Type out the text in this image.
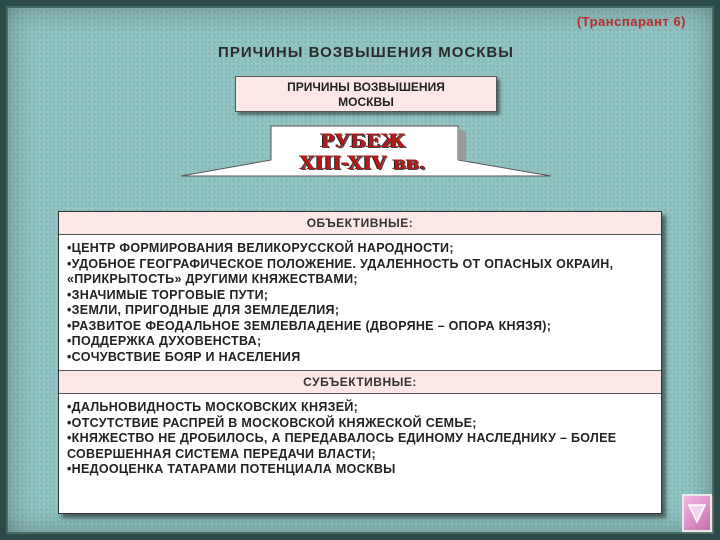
(Транспарант 6)
ПРИЧИНЫ ВОЗВЫШЕНИЯ МОСКВЫ
ПРИЧИНЫ ВОЗВЫШЕНИЯ
МОСКВЫ
РУБЕЖ
XIII-XIV вв.
ОБЪЕКТИВНЫЕ:
•ЦЕНТР ФОРМИРОВАНИЯ ВЕЛИКОРУССКОЙ НАРОДНОСТИ;
•УДОБНОЕ ГЕОГРАФИЧЕСКОЕ ПОЛОЖЕНИЕ. УДАЛЕННОСТЬ ОТ ОПАСНЫХ ОКРАИН, «ПРИКРЫТОСТЬ» ДРУГИМИ КНЯЖЕСТВАМИ;
•ЗНАЧИМЫЕ ТОРГОВЫЕ ПУТИ;
•ЗЕМЛИ, ПРИГОДНЫЕ ДЛЯ ЗЕМЛЕДЕЛИЯ;
•РАЗВИТОЕ ФЕОДАЛЬНОЕ ЗЕМЛЕВЛАДЕНИЕ (ДВОРЯНЕ – ОПОРА КНЯЗЯ);
•ПОДДЕРЖКА ДУХОВЕНСТВА;
•СОЧУВСТВИЕ БОЯР И НАСЕЛЕНИЯ
СУБЪЕКТИВНЫЕ:
•ДАЛЬНОВИДНОСТЬ МОСКОВСКИХ КНЯЗЕЙ;
•ОТСУТСТВИЕ РАСПРЕЙ В МОСКОВСКОЙ КНЯЖЕСКОЙ СЕМЬЕ;
•КНЯЖЕСТВО НЕ ДРОБИЛОСЬ, А ПЕРЕДАВАЛОСЬ ЕДИНОМУ НАСЛЕДНИКУ – БОЛЕЕ СОВЕРШЕННАЯ СИСТЕМА ПЕРЕДАЧИ ВЛАСТИ;
•НЕДООЦЕНКА ТАТАРАМИ ПОТЕНЦИАЛА МОСКВЫ
